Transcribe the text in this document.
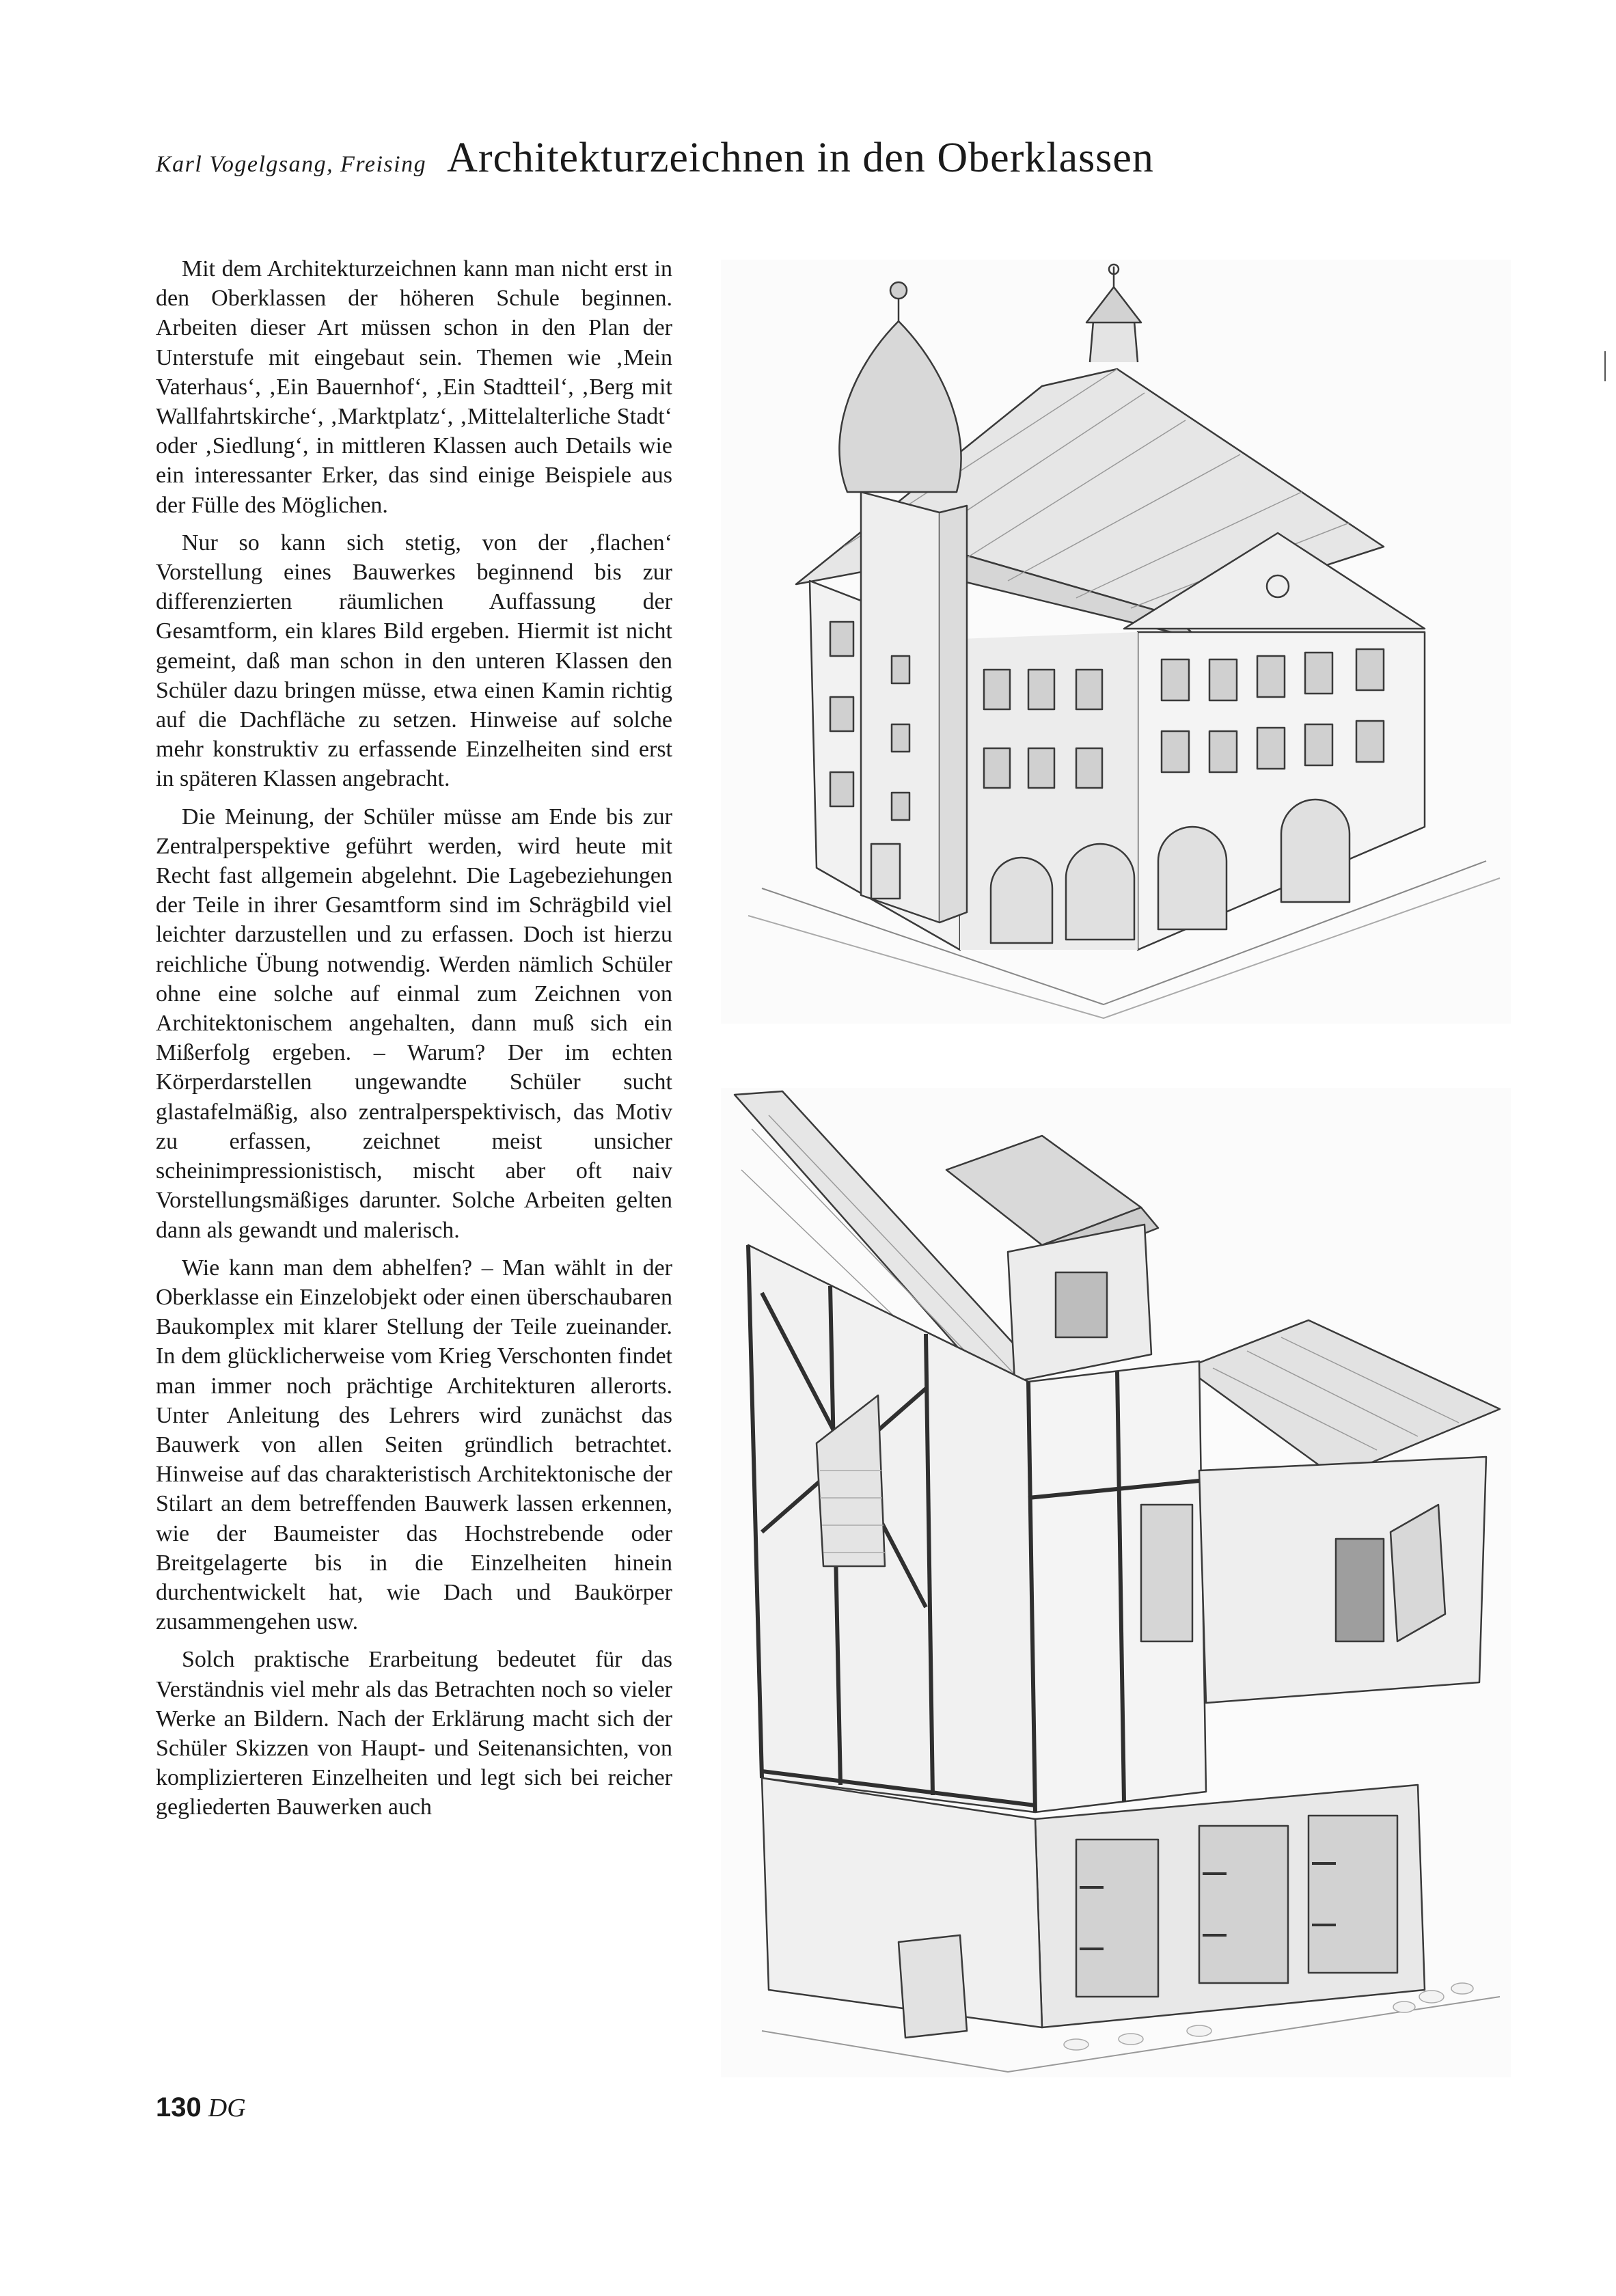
Karl Vogelgsang, Freising Architekturzeichnen in den Oberklassen

Mit dem Architekturzeichnen kann man nicht erst in den Oberklassen der höheren Schule beginnen. Arbeiten dieser Art müssen schon in den Plan der Unterstufe mit eingebaut sein. Themen wie ‚Mein Vaterhaus‘, ‚Ein Bauernhof‘, ‚Ein Stadtteil‘, ‚Berg mit Wallfahrtskirche‘, ‚Marktplatz‘, ‚Mittelalterliche Stadt‘ oder ‚Siedlung‘, in mittleren Klassen auch Details wie ein interessanter Erker, das sind einige Beispiele aus der Fülle des Möglichen.

Nur so kann sich stetig, von der ‚flachen‘ Vorstellung eines Bauwerkes beginnend bis zur differenzierten räumlichen Auffassung der Gesamtform, ein klares Bild ergeben. Hiermit ist nicht gemeint, daß man schon in den unteren Klassen den Schüler dazu bringen müsse, etwa einen Kamin richtig auf die Dachfläche zu setzen. Hinweise auf solche mehr konstruktiv zu erfassende Einzelheiten sind erst in späteren Klassen angebracht.

Die Meinung, der Schüler müsse am Ende bis zur Zentralperspektive geführt werden, wird heute mit Recht fast allgemein abgelehnt. Die Lagebeziehungen der Teile in ihrer Gesamtform sind im Schrägbild viel leichter darzustellen und zu erfassen. Doch ist hierzu reichliche Übung notwendig. Werden nämlich Schüler ohne eine solche auf einmal zum Zeichnen von Architektonischem angehalten, dann muß sich ein Mißerfolg ergeben. – Warum? Der im echten Körperdarstellen ungewandte Schüler sucht glastafelmäßig, also zentralperspektivisch, das Motiv zu erfassen, zeichnet meist unsicher scheinimpressionistisch, mischt aber oft naiv Vorstellungsmäßiges darunter. Solche Arbeiten gelten dann als gewandt und malerisch.

Wie kann man dem abhelfen? – Man wählt in der Oberklasse ein Einzelobjekt oder einen überschaubaren Baukomplex mit klarer Stellung der Teile zueinander. In dem glücklicherweise vom Krieg Verschonten findet man immer noch prächtige Architekturen allerorts. Unter Anleitung des Lehrers wird zunächst das Bauwerk von allen Seiten gründlich betrachtet. Hinweise auf das charakteristisch Architektonische der Stilart an dem betreffenden Bauwerk lassen erkennen, wie der Baumeister das Hochstrebende oder Breitgelagerte bis in die Einzelheiten hinein durchentwickelt hat, wie Dach und Baukörper zusammengehen usw.

Solch praktische Erarbeitung bedeutet für das Verständnis viel mehr als das Betrachten noch so vieler Werke an Bildern. Nach der Erklärung macht sich der Schüler Skizzen von Haupt- und Seitenansichten, von komplizierteren Einzelheiten und legt sich bei reicher gegliederten Bauwerken auch

130 DG
